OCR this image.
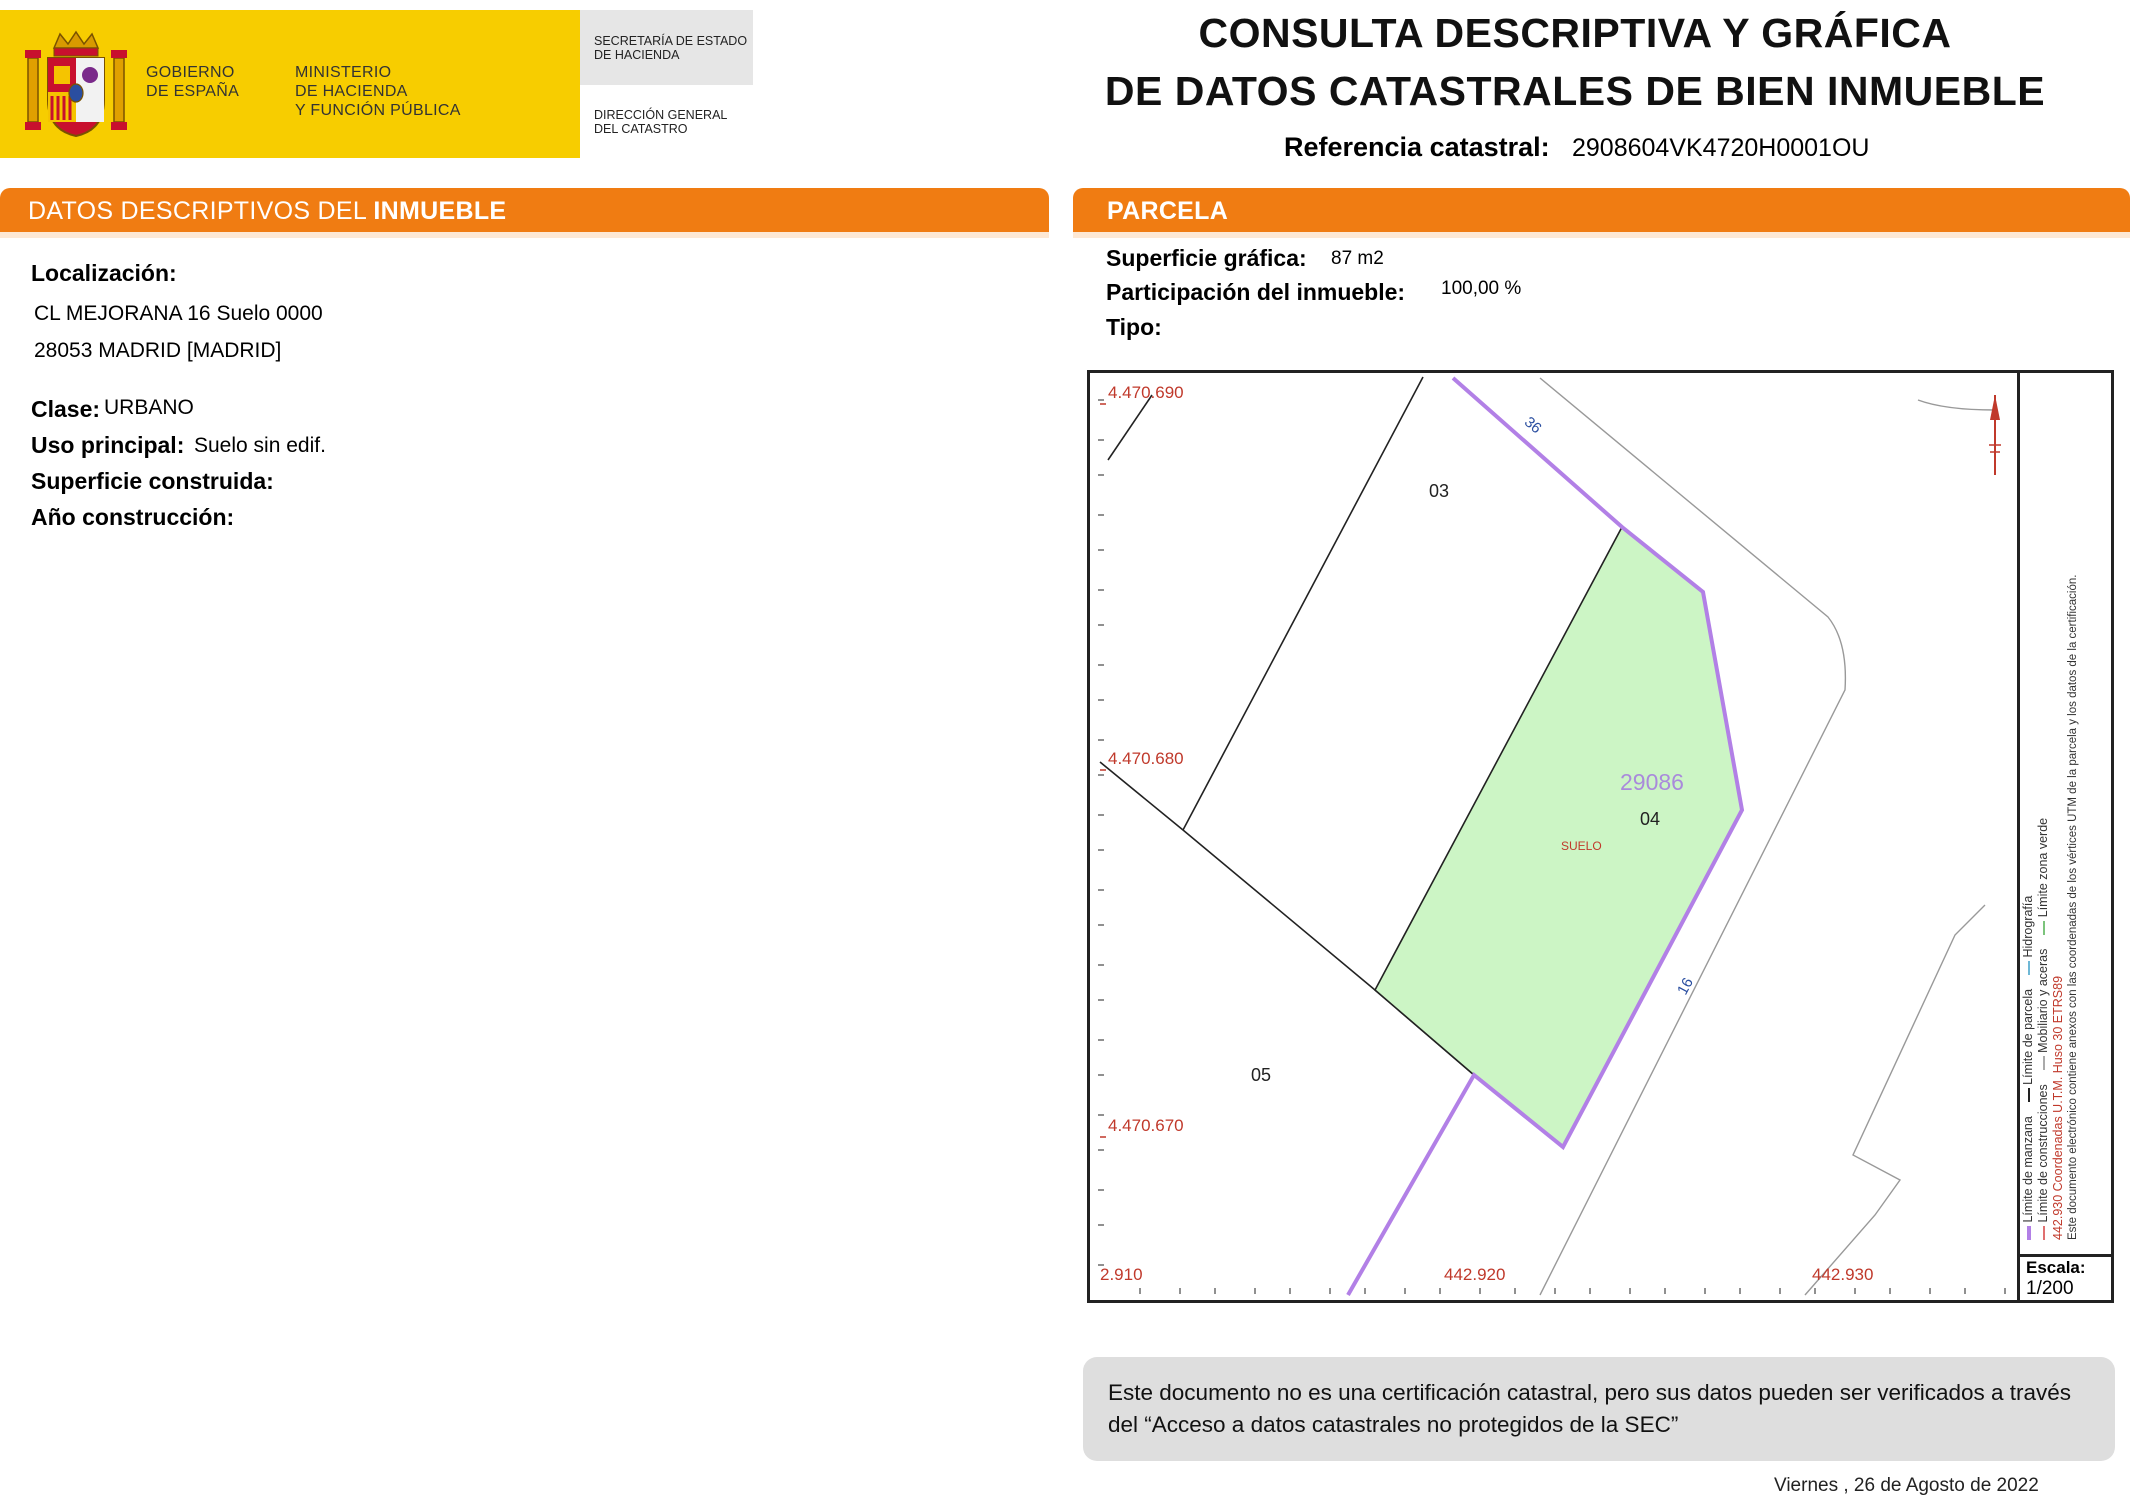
GOBIERNO
DE ESPAÑA
MINISTERIO
DE HACIENDA
Y FUNCIÓN PÚBLICA
SECRETARÍA DE ESTADO
DE HACIENDA
DIRECCIÓN GENERAL
DEL CATASTRO
CONSULTA DESCRIPTIVA Y GRÁFICA
DE DATOS CATASTRALES DE BIEN INMUEBLE
Referencia catastral: 2908604VK4720H0001OU
DATOS DESCRIPTIVOS DEL INMUEBLE
Localización:
CL MEJORANA 16 Suelo 0000
28053 MADRID [MADRID]
Clase: URBANO
Uso principal: Suelo sin edif.
Superficie construida:
Año construcción:
PARCELA
Superficie gráfica: 87 m2
Participación del inmueble: 100,00 %
Tipo:
4.470.690
4.470.680
4.470.670
2.910	442.920	442.930
29086
04
03
05
SUELO
36
16
Límite de manzana     Límite de parcela     Hidrografía
Límite de construcciones     Mobiliario y aceras     Límite zona verde
442.930 Coordenadas U.T.M. Huso 30 ETRS89 Este documento electrónico contiene anexos con las coordenadas de los vértices UTM de la parcela y los datos de la certificación.
Escala:
1/200
Este documento no es una certificación catastral, pero sus datos pueden ser verificados a través del “Acceso a datos catastrales no protegidos de la SEC”
Viernes , 26 de Agosto de 2022
